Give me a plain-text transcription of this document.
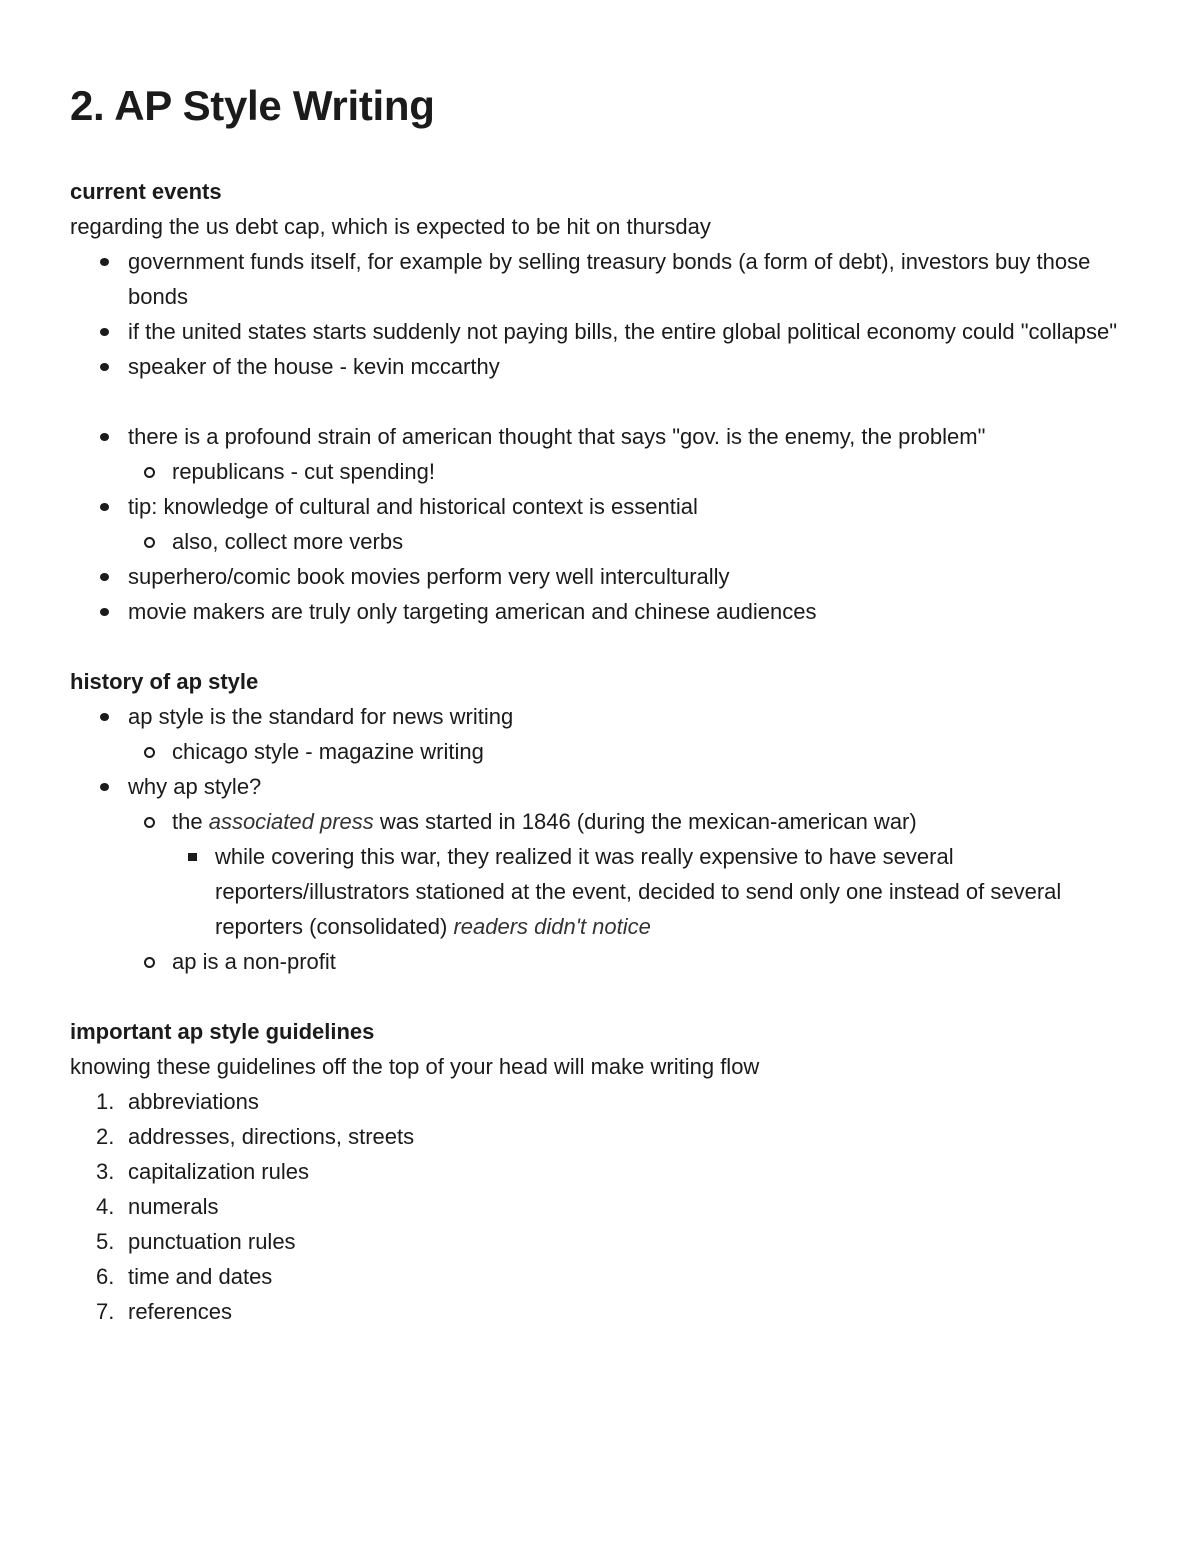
2. AP Style Writing
current events
regarding the us debt cap, which is expected to be hit on thursday
government funds itself, for example by selling treasury bonds (a form of debt), investors buy those bonds
if the united states starts suddenly not paying bills, the entire global political economy could "collapse"
speaker of the house - kevin mccarthy
there is a profound strain of american thought that says "gov. is the enemy, the problem"
republicans - cut spending!
tip: knowledge of cultural and historical context is essential
also, collect more verbs
superhero/comic book movies perform very well interculturally
movie makers are truly only targeting american and chinese audiences
history of ap style
ap style is the standard for news writing
chicago style - magazine writing
why ap style?
the associated press was started in 1846 (during the mexican-american war)
while covering this war, they realized it was really expensive to have several reporters/illustrators stationed at the event, decided to send only one instead of several reporters (consolidated) readers didn't notice
ap is a non-profit
important ap style guidelines
knowing these guidelines off the top of your head will make writing flow
1. abbreviations
2. addresses, directions, streets
3. capitalization rules
4. numerals
5. punctuation rules
6. time and dates
7. references
